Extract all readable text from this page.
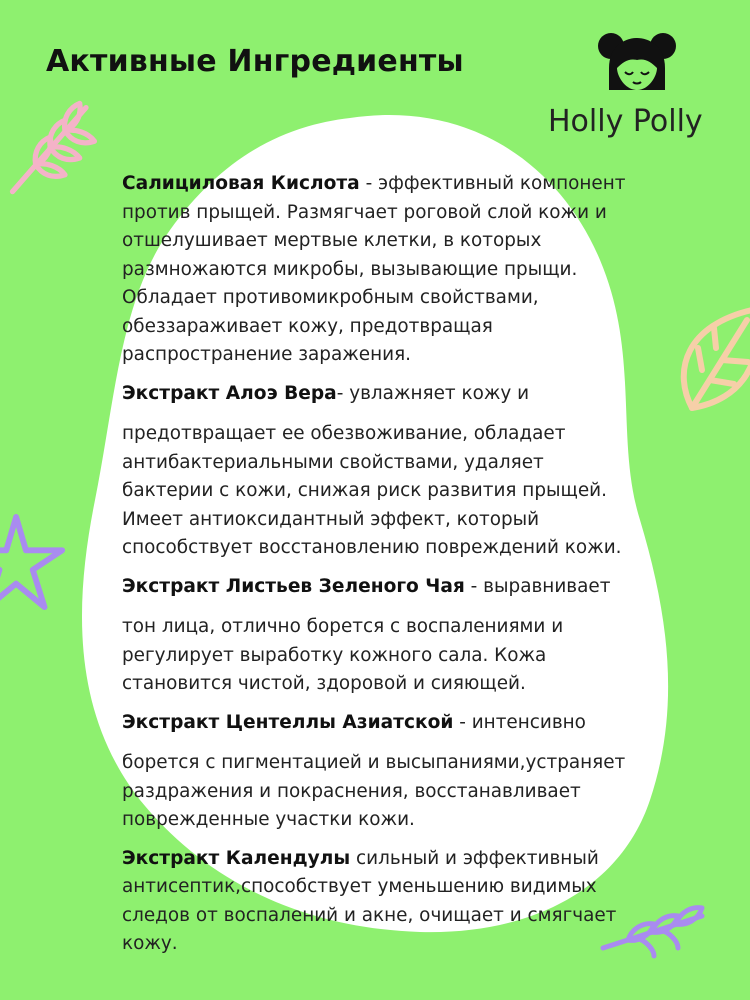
Активные Ингредиенты
Holly Polly

Салициловая Кислота - эффективный компонент против прыщей. Размягчает роговой слой кожи и отшелушивает мертвые клетки, в которых размножаются микробы, вызывающие прыщи. Обладает противомикробным свойствами, обеззараживает кожу, предотвращая распространение заражения.

Экстракт Алоэ Вера- увлажняет кожу и
предотвращает ее обезвоживание, обладает антибактериальными свойствами, удаляет бактерии с кожи, снижая риск развития прыщей. Имеет антиоксидантный эффект, который способствует восстановлению повреждений кожи.

Экстракт Листьев Зеленого Чая - выравнивает
тон лица, отлично борется с воспалениями и регулирует выработку кожного сала. Кожа становится чистой, здоровой и сияющей.

Экстракт Центеллы Азиатской - интенсивно
борется с пигментацией и высыпаниями,устраняет раздражения и покраснения, восстанавливает поврежденные участки кожи.

Экстракт Календулы сильный и эффективный антисептик,способствует уменьшению видимых следов от воспалений и акне, очищает и смягчает кожу.
